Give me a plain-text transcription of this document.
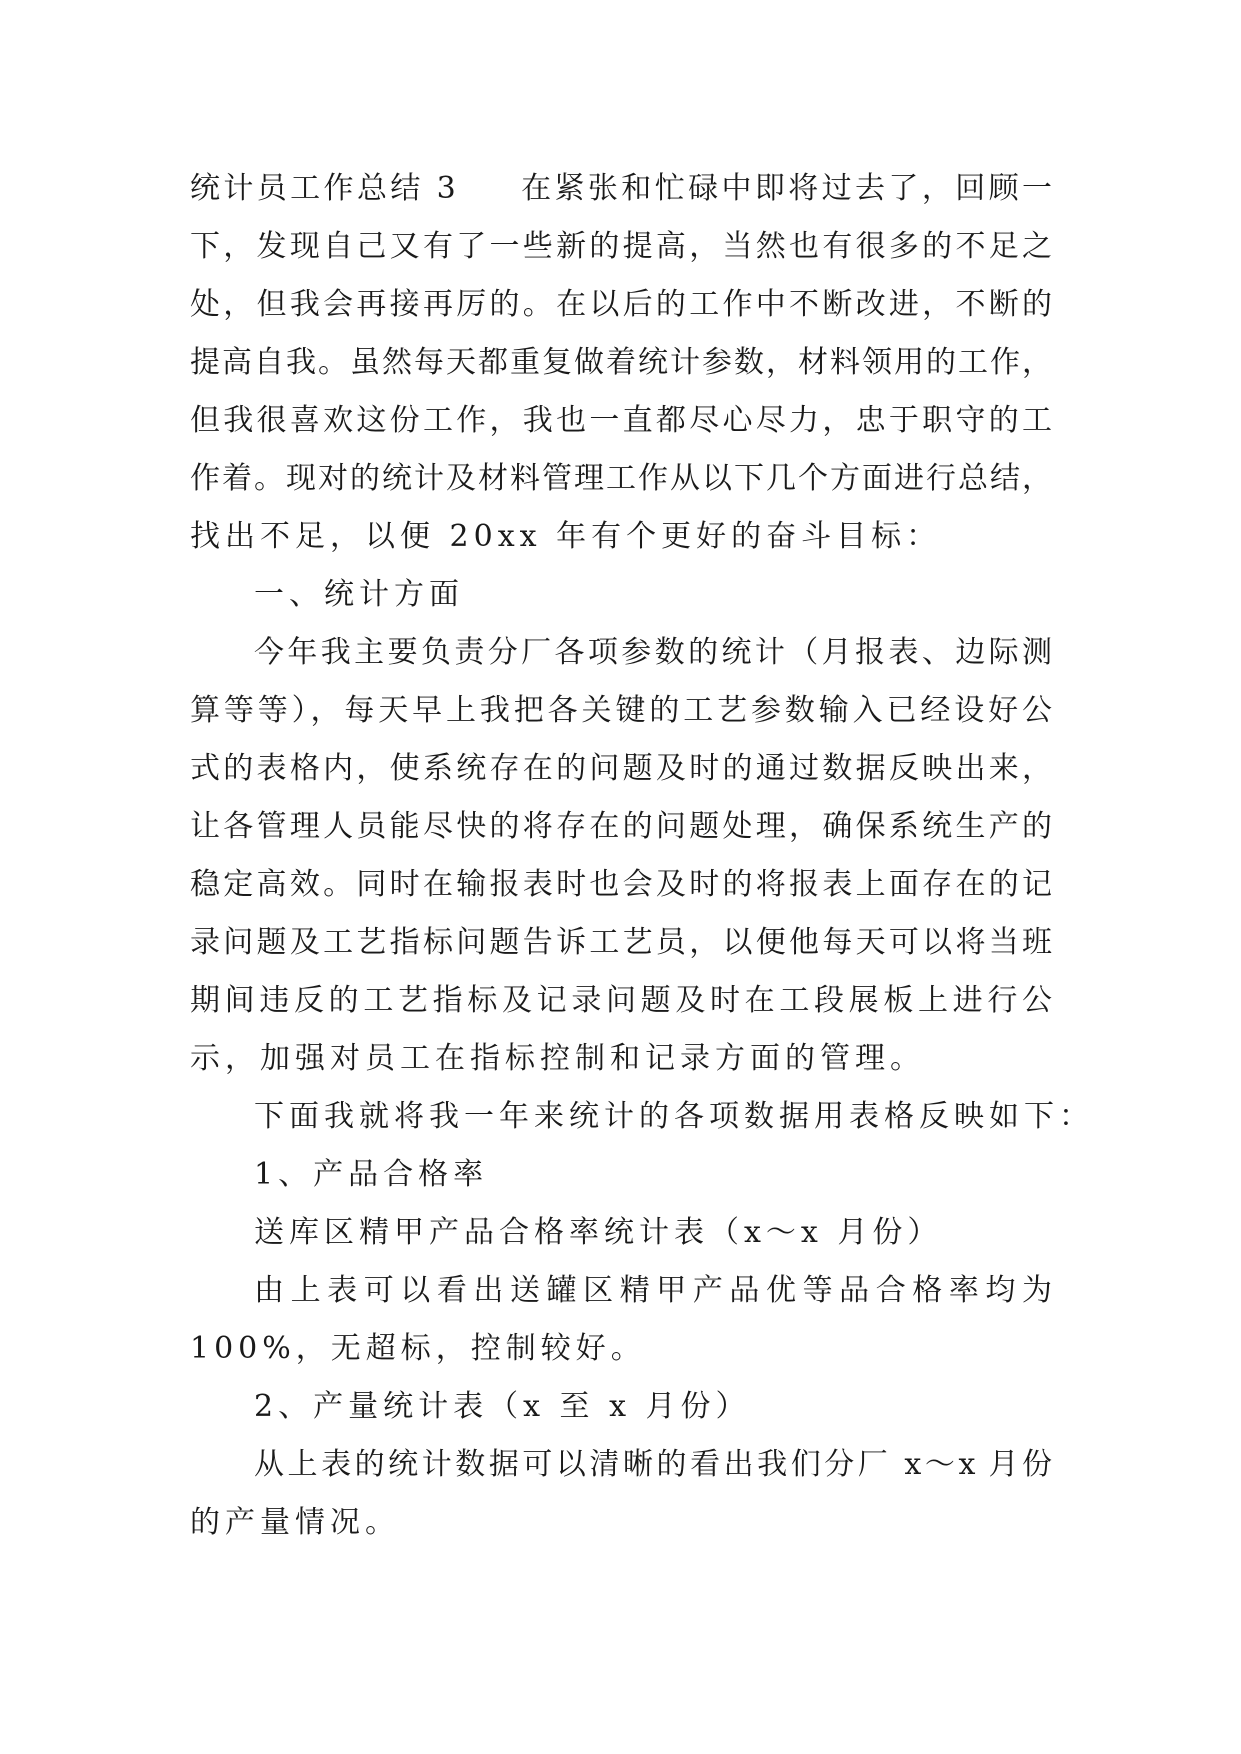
统计员工作总结 3 在紧张和忙碌中即将过去了，回顾一
下，发现自己又有了一些新的提高，当然也有很多的不足之
处，但我会再接再厉的。在以后的工作中不断改进，不断的
提高自我。虽然每天都重复做着统计参数，材料领用的工作，
但我很喜欢这份工作，我也一直都尽心尽力，忠于职守的工
作着。现对的统计及材料管理工作从以下几个方面进行总结，
找出不足，以便 20xx 年有个更好的奋斗目标：
一、统计方面
今年我主要负责分厂各项参数的统计（月报表、边际测
算等等），每天早上我把各关键的工艺参数输入已经设好公
式的表格内，使系统存在的问题及时的通过数据反映出来，
让各管理人员能尽快的将存在的问题处理，确保系统生产的
稳定高效。同时在输报表时也会及时的将报表上面存在的记
录问题及工艺指标问题告诉工艺员，以便他每天可以将当班
期间违反的工艺指标及记录问题及时在工段展板上进行公
示，加强对员工在指标控制和记录方面的管理。
下面我就将我一年来统计的各项数据用表格反映如下：
1、产品合格率
送库区精甲产品合格率统计表（x～x 月份）
由上表可以看出送罐区精甲产品优等品合格率均为
100%，无超标，控制较好。
2、产量统计表（x 至 x 月份）
从上表的统计数据可以清晰的看出我们分厂 x～x 月份
的产量情况。
